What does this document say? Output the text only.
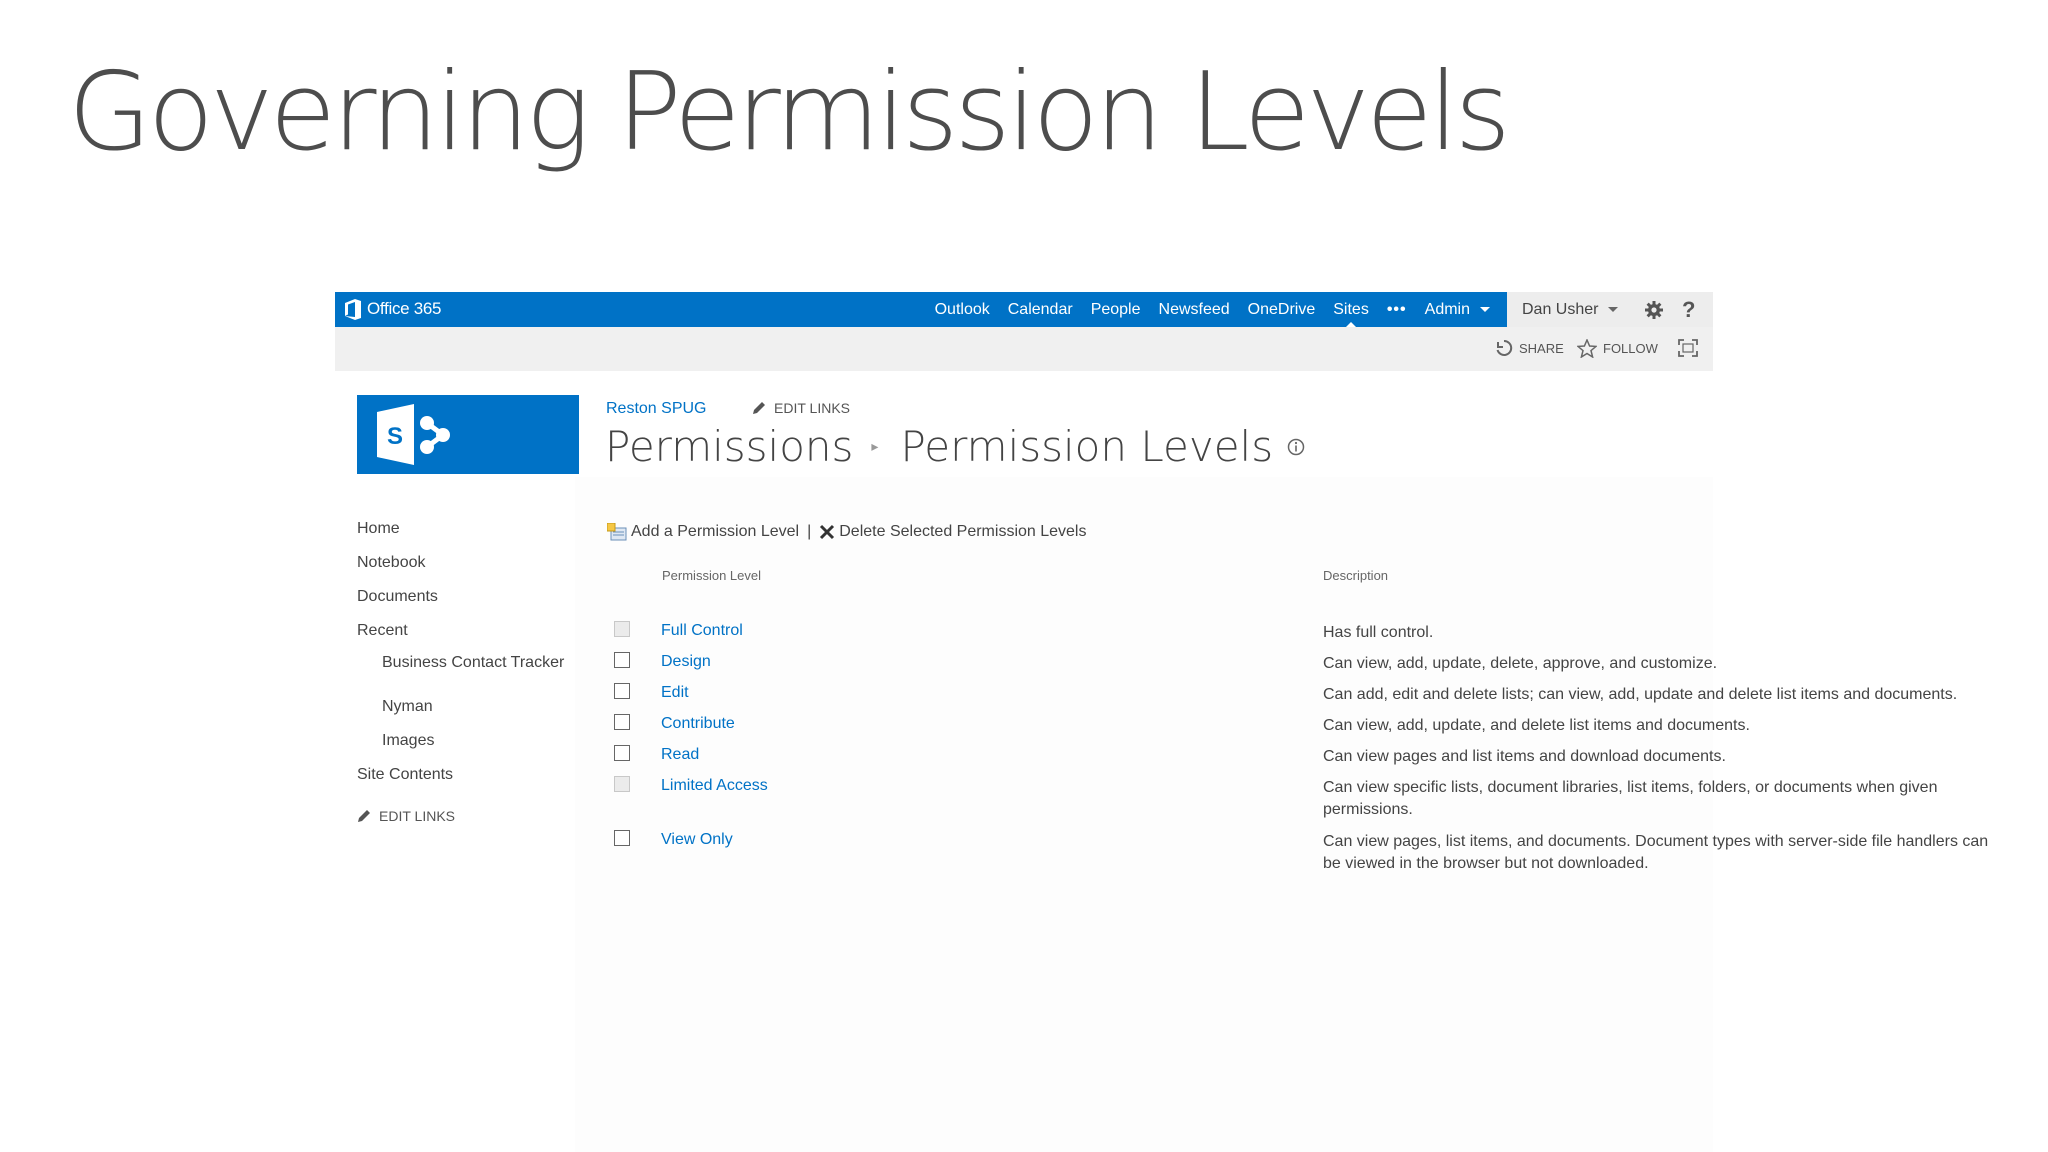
Governing Permission Levels
Office 365	Outlook Calendar People Newsfeed OneDrive Sites ••• Admin	Dan Usher	?
SHARE	FOLLOW
S
Reston SPUG	EDIT LINKS
Permissions ▸ Permission Levels
Home
Notebook
Documents
Recent
Business Contact Tracker
Nyman
Images
Site Contents
EDIT LINKS
Add a Permission Level | Delete Selected Permission Levels
Permission Level	Description
Full Control	Has full control.
Design	Can view, add, update, delete, approve, and customize.
Edit	Can add, edit and delete lists; can view, add, update and delete list items and documents.
Contribute	Can view, add, update, and delete list items and documents.
Read	Can view pages and list items and download documents.
Limited Access	Can view specific lists, document libraries, list items, folders, or documents when given permissions.
View Only	Can view pages, list items, and documents. Document types with server-side file handlers can be viewed in the browser but not downloaded.
